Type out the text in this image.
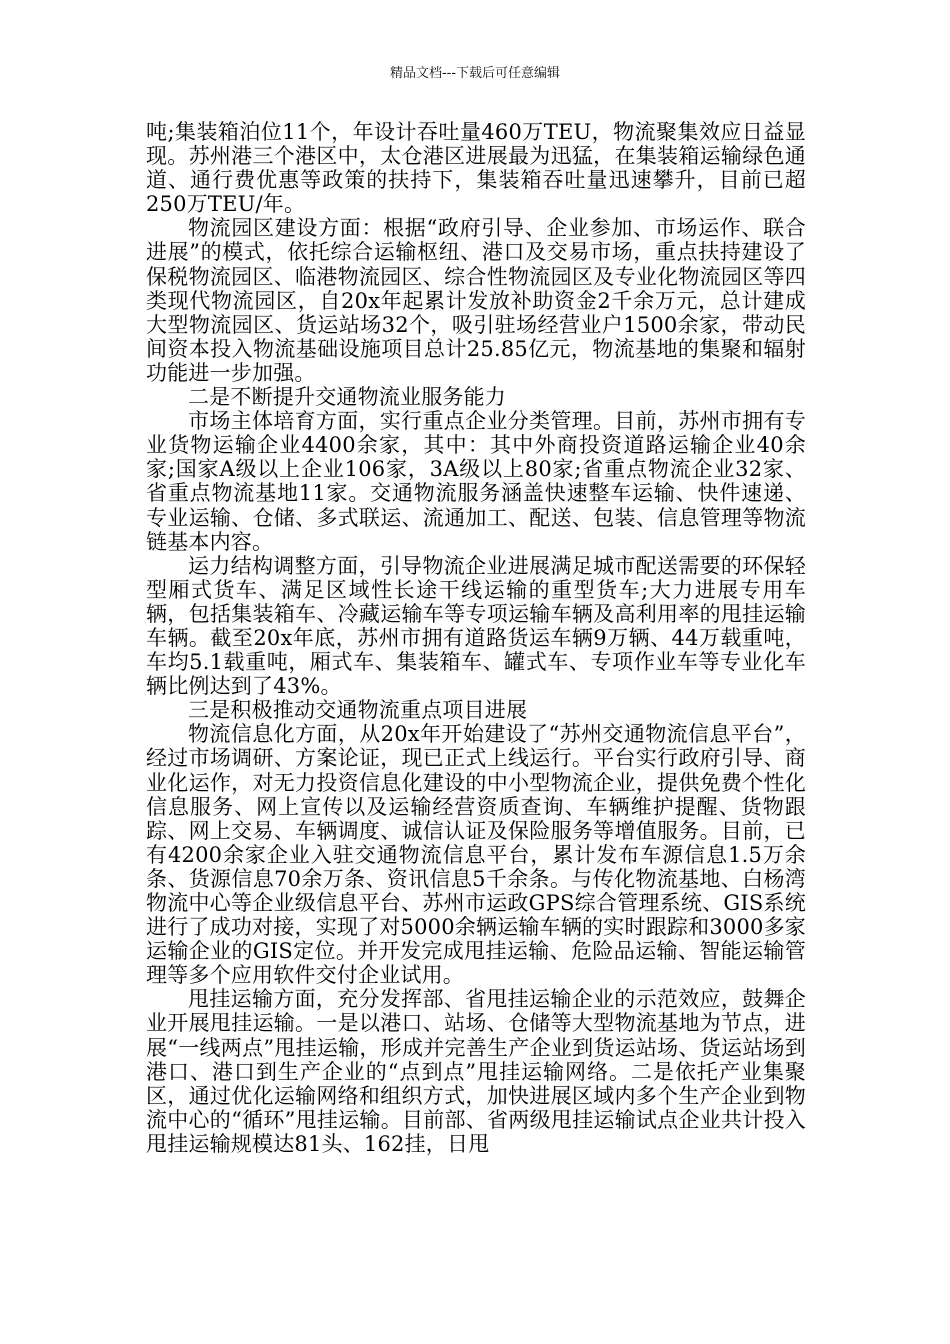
精品文档---下载后可任意编辑

吨;集装箱泊位11个，年设计吞吐量460万TEU，物流聚集效应日益显现。苏州港三个港区中，太仓港区进展最为迅猛，在集装箱运输绿色通道、通行费优惠等政策的扶持下，集装箱吞吐量迅速攀升，目前已超250万TEU/年。

物流园区建设方面：根据“政府引导、企业参加、市场运作、联合进展”的模式，依托综合运输枢纽、港口及交易市场，重点扶持建设了保税物流园区、临港物流园区、综合性物流园区及专业化物流园区等四类现代物流园区，自20x年起累计发放补助资金2千余万元，总计建成大型物流园区、货运站场32个，吸引驻场经营业户1500余家，带动民间资本投入物流基础设施项目总计25.85亿元，物流基地的集聚和辐射功能进一步加强。

二是不断提升交通物流业服务能力

市场主体培育方面，实行重点企业分类管理。目前，苏州市拥有专业货物运输企业4400余家，其中：其中外商投资道路运输企业40余家;国家A级以上企业106家，3A级以上80家;省重点物流企业32家、省重点物流基地11家。交通物流服务涵盖快速整车运输、快件速递、专业运输、仓储、多式联运、流通加工、配送、包装、信息管理等物流链基本内容。

运力结构调整方面，引导物流企业进展满足城市配送需要的环保轻型厢式货车、满足区域性长途干线运输的重型货车;大力进展专用车辆，包括集装箱车、冷藏运输车等专项运输车辆及高利用率的甩挂运输车辆。截至20x年底，苏州市拥有道路货运车辆9万辆、44万载重吨，车均5.1载重吨，厢式车、集装箱车、罐式车、专项作业车等专业化车辆比例达到了43%。

三是积极推动交通物流重点项目进展

物流信息化方面，从20x年开始建设了“苏州交通物流信息平台”，经过市场调研、方案论证，现已正式上线运行。平台实行政府引导、商业化运作，对无力投资信息化建设的中小型物流企业，提供免费个性化信息服务、网上宣传以及运输经营资质查询、车辆维护提醒、货物跟踪、网上交易、车辆调度、诚信认证及保险服务等增值服务。目前，已有4200余家企业入驻交通物流信息平台，累计发布车源信息1.5万余条、货源信息70余万条、资讯信息5千余条。与传化物流基地、白杨湾物流中心等企业级信息平台、苏州市运政GPS综合管理系统、GIS系统进行了成功对接，实现了对5000余辆运输车辆的实时跟踪和3000多家运输企业的GIS定位。并开发完成甩挂运输、危险品运输、智能运输管理等多个应用软件交付企业试用。

甩挂运输方面，充分发挥部、省甩挂运输企业的示范效应，鼓舞企业开展甩挂运输。一是以港口、站场、仓储等大型物流基地为节点，进展“一线两点”甩挂运输，形成并完善生产企业到货运站场、货运站场到港口、港口到生产企业的“点到点”甩挂运输网络。二是依托产业集聚区，通过优化运输网络和组织方式，加快进展区域内多个生产企业到物流中心的“循环”甩挂运输。目前部、省两级甩挂运输试点企业共计投入甩挂运输规模达81头、162挂，日甩
